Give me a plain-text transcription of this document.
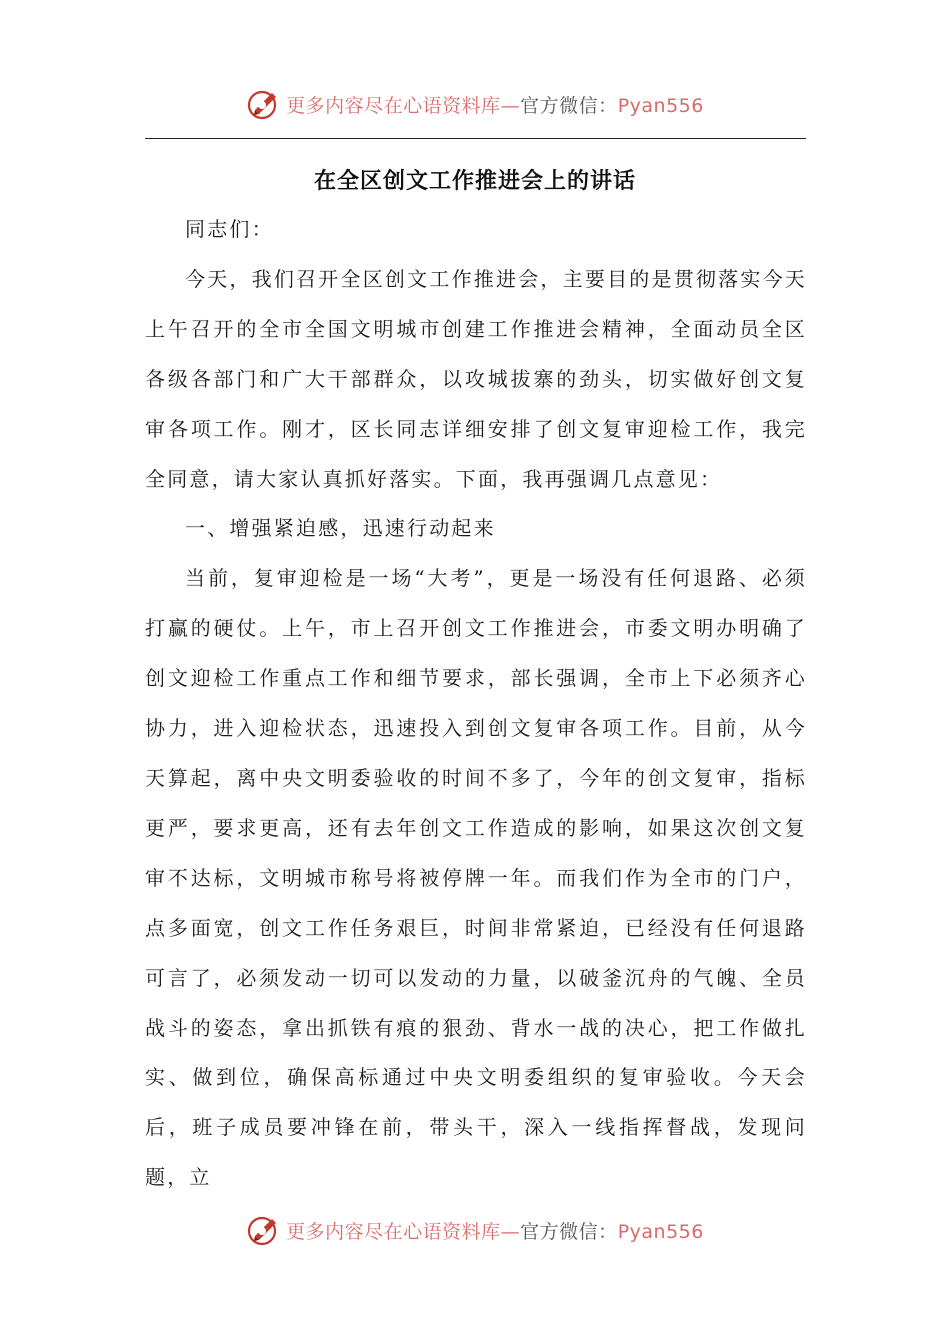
更多内容尽在心语资料库—官方微信：Pyan556
在全区创文工作推进会上的讲话

同志们：

今天，我们召开全区创文工作推进会，主要目的是贯彻落实今天上午召开的全市全国文明城市创建工作推进会精神，全面动员全区各级各部门和广大干部群众，以攻城拔寨的劲头，切实做好创文复审各项工作。刚才，区长同志详细安排了创文复审迎检工作，我完全同意，请大家认真抓好落实。下面，我再强调几点意见：

一、增强紧迫感，迅速行动起来

当前，复审迎检是一场“大考”，更是一场没有任何退路、必须打赢的硬仗。上午，市上召开创文工作推进会，市委文明办明确了创文迎检工作重点工作和细节要求，部长强调，全市上下必须齐心协力，进入迎检状态，迅速投入到创文复审各项工作。目前，从今天算起，离中央文明委验收的时间不多了，今年的创文复审，指标更严，要求更高，还有去年创文工作造成的影响，如果这次创文复审不达标，文明城市称号将被停牌一年。而我们作为全市的门户，点多面宽，创文工作任务艰巨，时间非常紧迫，已经没有任何退路可言了，必须发动一切可以发动的力量，以破釜沉舟的气魄、全员战斗的姿态，拿出抓铁有痕的狠劲、背水一战的决心，把工作做扎实、做到位，确保高标通过中央文明委组织的复审验收。今天会后，班子成员要冲锋在前，带头干，深入一线指挥督战，发现问题，立

更多内容尽在心语资料库—官方微信：Pyan556
